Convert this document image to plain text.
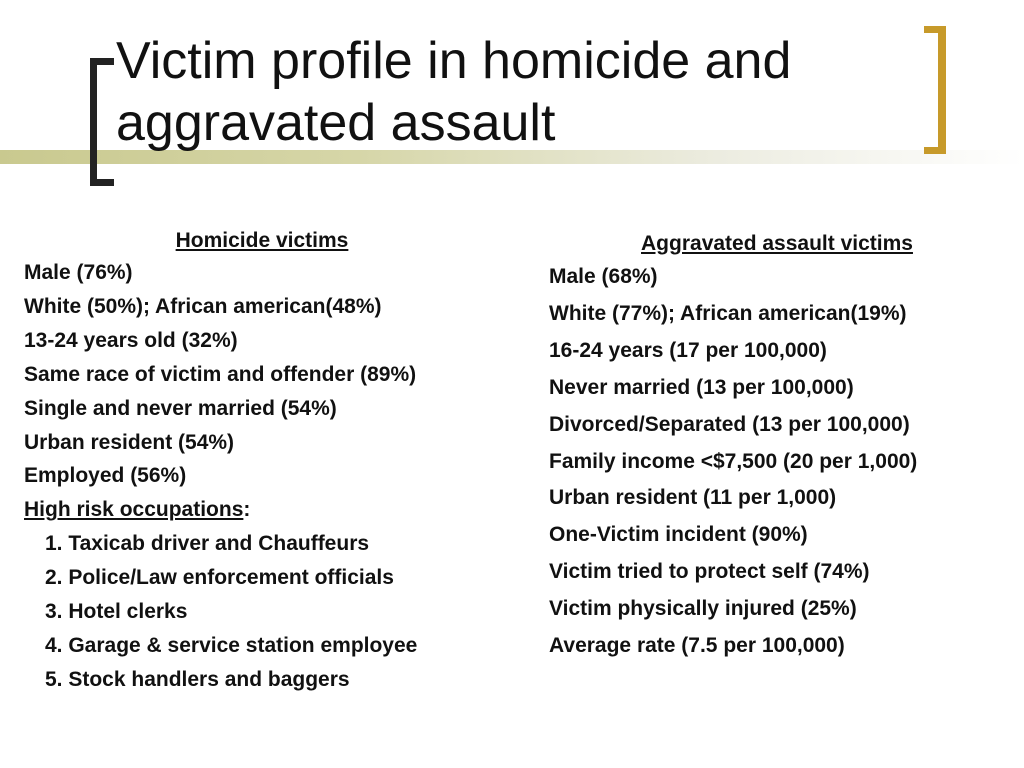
Victim profile in homicide and aggravated assault
Homicide victims
Male (76%)
White (50%); African american(48%)
13-24 years old (32%)
Same race of victim and offender (89%)
Single and never married (54%)
Urban resident (54%)
Employed (56%)
High risk occupations:
1. Taxicab driver and Chauffeurs
2. Police/Law enforcement officials
3. Hotel clerks
4. Garage & service station employee
5. Stock handlers and baggers
Aggravated assault victims
Male (68%)
White (77%); African american(19%)
16-24 years (17 per 100,000)
Never married (13 per 100,000)
Divorced/Separated (13 per 100,000)
Family income <$7,500 (20 per 1,000)
Urban resident (11 per 1,000)
One-Victim incident (90%)
Victim tried to protect self (74%)
Victim physically injured (25%)
Average rate (7.5 per 100,000)
